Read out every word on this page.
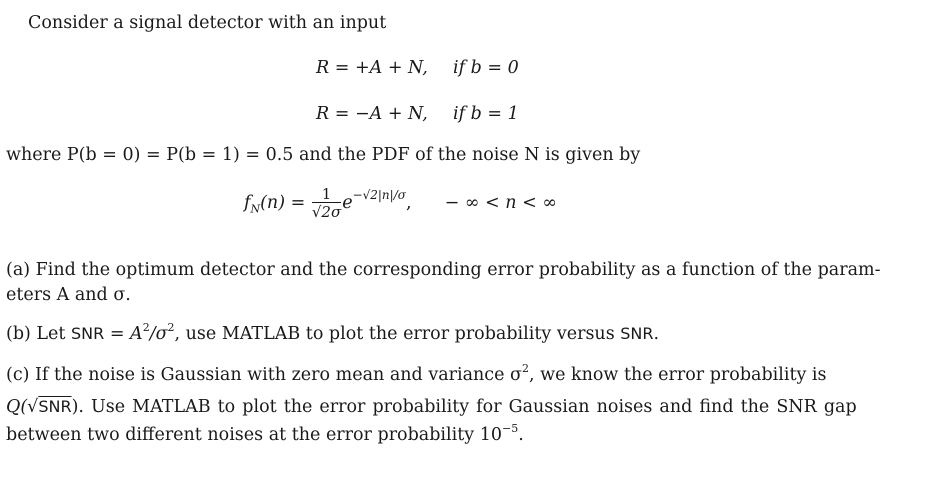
Consider a signal detector with an input
R = +A + N, if b = 0
R = −A + N, if b = 1
where P(b = 0) = P(b = 1) = 0.5 and the PDF of the noise N is given by
$f_N(n) = \frac{1}{√2\sigma} e^{-√2|n|/\sigma}$, − ∞ < n < ∞
(a) Find the optimum detector and the corresponding error probability as a function of the param-
eters A and σ.
(b) Let SNR = $A^2/\sigma^2$, use MATLAB to plot the error probability versus SNR.
(c) If the noise is Gaussian with zero mean and variance $\sigma^2$, we know the error probability is
Q(√SNR). Use MATLAB to plot the error probability for Gaussian noises and find the SNR gap
between two different noises at the error probability $10^{-5}$.
